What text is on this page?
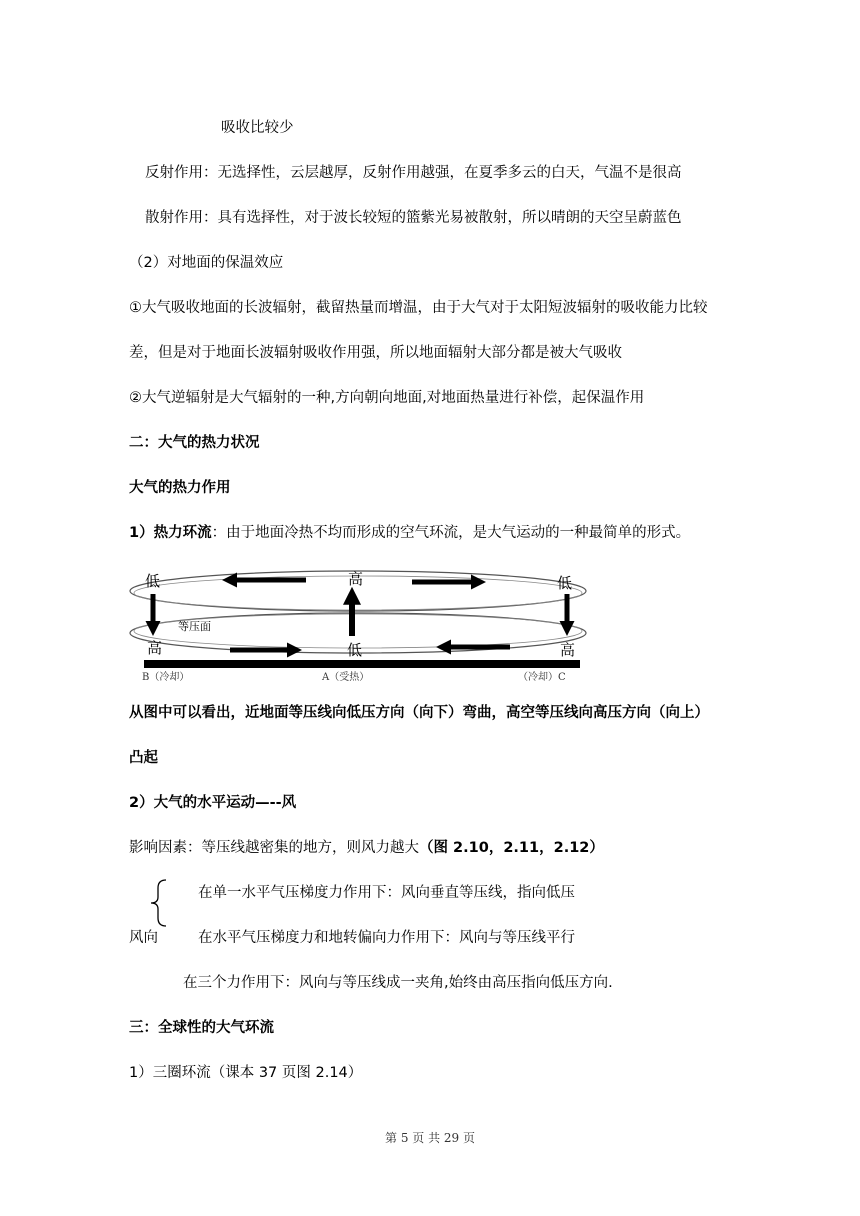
吸收比较少

反射作用：无选择性，云层越厚，反射作用越强，在夏季多云的白天，气温不是很高

散射作用：具有选择性，对于波长较短的篮紫光易被散射，所以晴朗的天空呈蔚蓝色

（2）对地面的保温效应

①大气吸收地面的长波辐射，截留热量而增温，由于大气对于太阳短波辐射的吸收能力比较

差，但是对于地面长波辐射吸收作用强，所以地面辐射大部分都是被大气吸收

②大气逆辐射是大气辐射的一种,方向朝向地面,对地面热量进行补偿，起保温作用

二：大气的热力状况

大气的热力作用

1）热力环流：由于地面冷热不均而形成的空气环流，是大气运动的一种最简单的形式。

低	高	低
等压面
高	低	高
B（冷却）	A（受热）	（冷却）C

从图中可以看出，近地面等压线向低压方向（向下）弯曲，高空等压线向高压方向（向上）

凸起

2）大气的水平运动—--风

影响因素：等压线越密集的地方，则风力越大（图 2.10，2.11，2.12）

在单一水平气压梯度力作用下：风向垂直等压线，指向低压

风向	在水平气压梯度力和地转偏向力作用下：风向与等压线平行

在三个力作用下：风向与等压线成一夹角,始终由高压指向低压方向.

三：全球性的大气环流

1）三圈环流（课本 37 页图 2.14）

第 5 页 共 29 页
